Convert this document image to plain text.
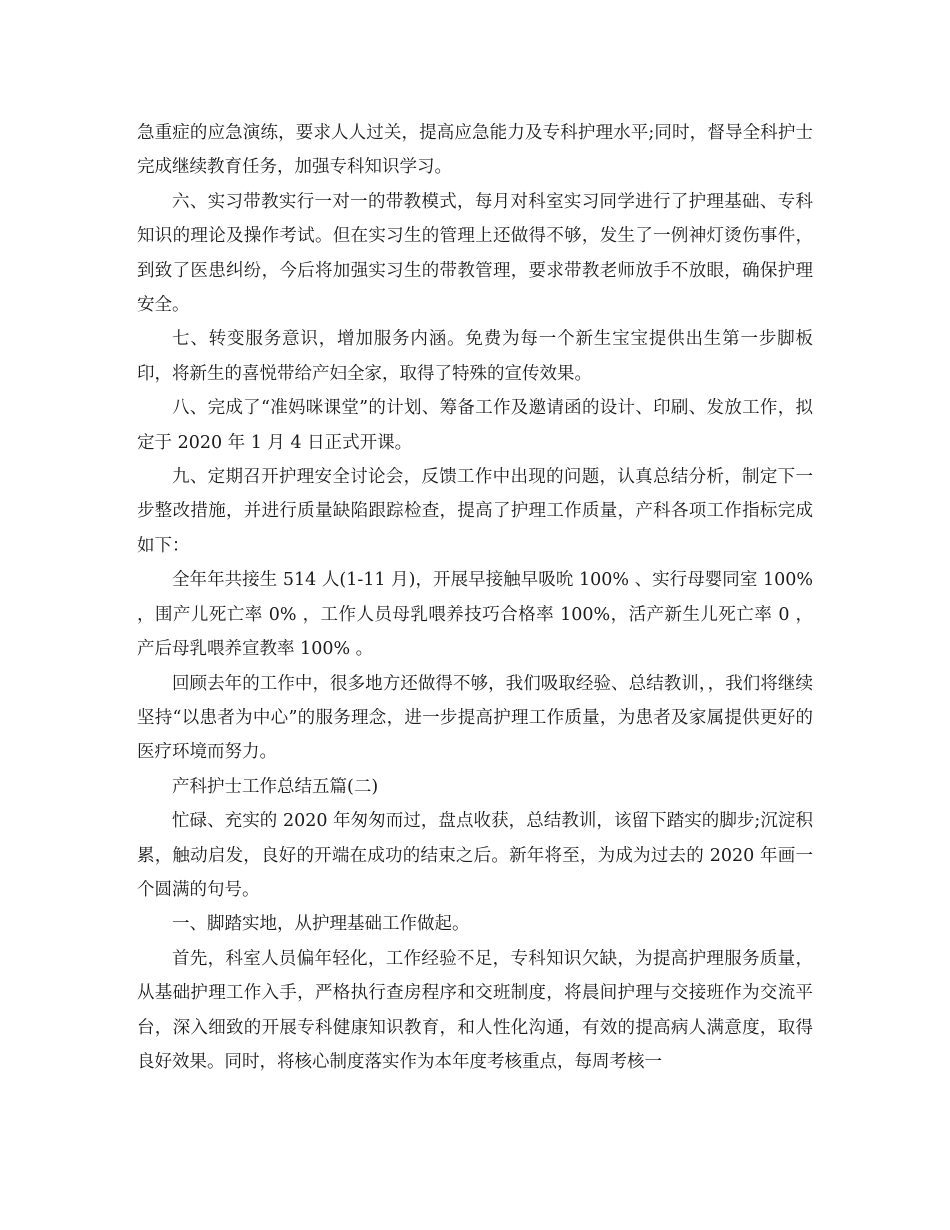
急重症的应急演练，要求人人过关，提高应急能力及专科护理水平;同时，督导全科护士完成继续教育任务，加强专科知识学习。

六、实习带教实行一对一的带教模式，每月对科室实习同学进行了护理基础、专科知识的理论及操作考试。但在实习生的管理上还做得不够，发生了一例神灯烫伤事件，到致了医患纠纷，今后将加强实习生的带教管理，要求带教老师放手不放眼，确保护理安全。

七、转变服务意识，增加服务内涵。免费为每一个新生宝宝提供出生第一步脚板印，将新生的喜悦带给产妇全家，取得了特殊的宣传效果。

八、完成了“准妈咪课堂”的计划、筹备工作及邀请函的设计、印刷、发放工作，拟定于 2020 年 1 月 4 日正式开课。

九、定期召开护理安全讨论会，反馈工作中出现的问题，认真总结分析，制定下一步整改措施，并进行质量缺陷跟踪检查，提高了护理工作质量，产科各项工作指标完成如下：

全年年共接生 514 人(1-11 月)，开展早接触早吸吮 100% 、实行母婴同室 100% ，围产儿死亡率 0% ，工作人员母乳喂养技巧合格率 100%，活产新生儿死亡率 0 ，产后母乳喂养宣教率 100% 。

回顾去年的工作中，很多地方还做得不够，我们吸取经验、总结教训，，我们将继续坚持“以患者为中心”的服务理念，进一步提高护理工作质量，为患者及家属提供更好的医疗环境而努力。

产科护士工作总结五篇(二)

忙碌、充实的 2020 年匆匆而过，盘点收获，总结教训，该留下踏实的脚步;沉淀积累，触动启发，良好的开端在成功的结束之后。新年将至，为成为过去的 2020 年画一个圆满的句号。

一、脚踏实地，从护理基础工作做起。

首先，科室人员偏年轻化，工作经验不足，专科知识欠缺，为提高护理服务质量，从基础护理工作入手，严格执行查房程序和交班制度，将晨间护理与交接班作为交流平台，深入细致的开展专科健康知识教育，和人性化沟通，有效的提高病人满意度，取得良好效果。同时，将核心制度落实作为本年度考核重点，每周考核一
